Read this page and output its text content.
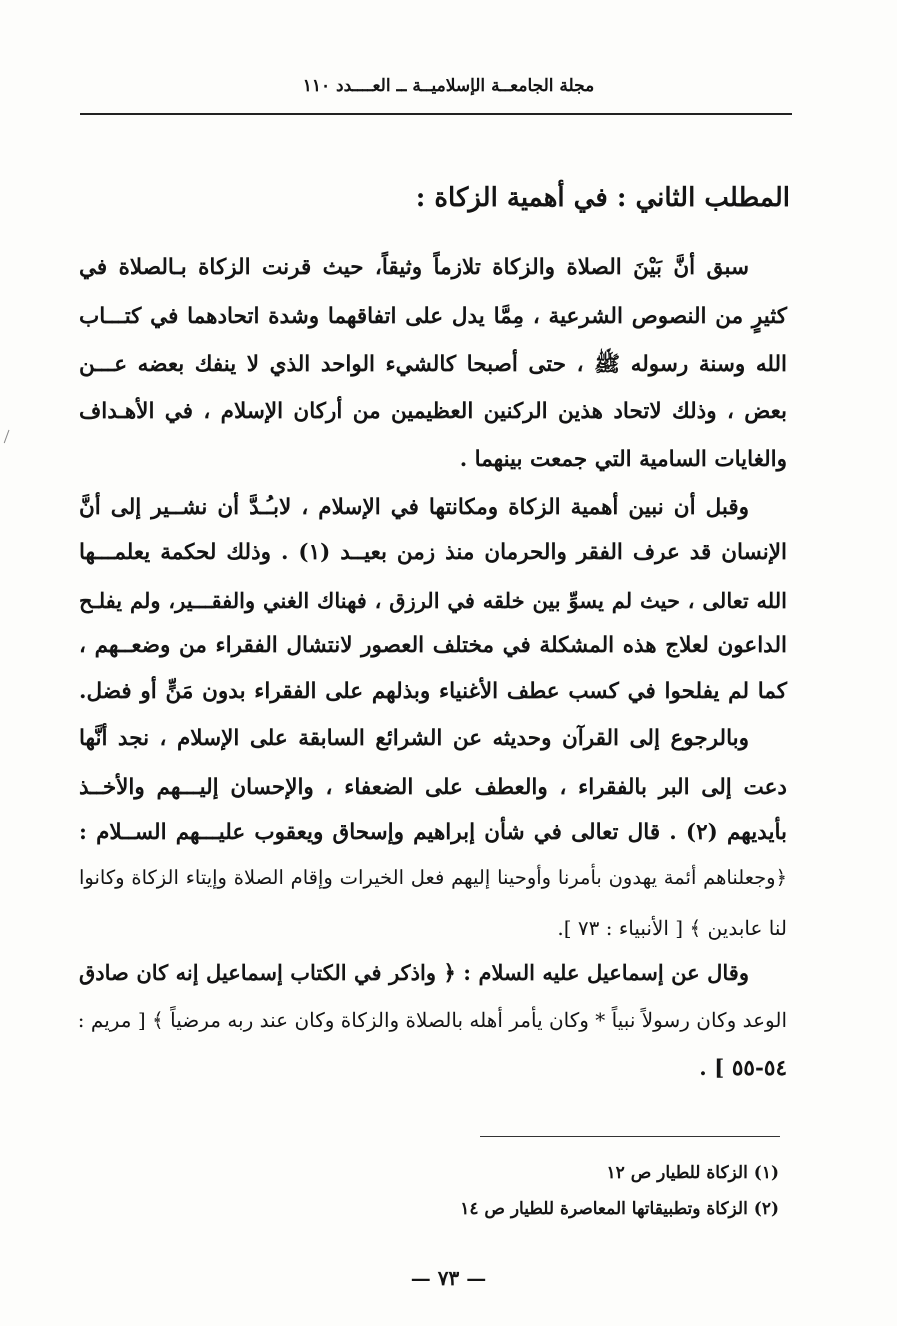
مجلة الجامعــة الإسلاميــة ــ العــــدد ١١٠
المطلب الثاني : في أهمية الزكاة :
سبق أنَّ بَيْنَ الصلاة والزكاة تلازماً وثيقاً، حيث قرنت الزكاة بـالصلاة في
كثيرٍ من النصوص الشرعية ، مِمَّا يدل على اتفاقهما وشدة اتحادهما في كتـــاب
الله وسنة رسوله ﷺ ، حتى أصبحا كالشيء الواحد الذي لا ينفك بعضه عـــن
بعض ، وذلك لاتحاد هذين الركنين العظيمين من أركان الإسلام ، في الأهـداف
والغايات السامية التي جمعت بينهما .
وقبل أن نبين أهمية الزكاة ومكانتها في الإسلام ، لابـُـدَّ أن نشــير إلى أنَّ
الإنسان قد عرف الفقر والحرمان منذ زمن بعيــد (١) . وذلك لحكمة يعلمـــها
الله تعالى ، حيث لم يسوِّ بين خلقه في الرزق ، فهناك الغني والفقـــير، ولم يفلـح
الداعون لعلاج هذه المشكلة في مختلف العصور لانتشال الفقراء من وضعــهم ،
كما لم يفلحوا في كسب عطف الأغنياء وبذلهم على الفقراء بدون مَنٍّ أو فضل.
وبالرجوع إلى القرآن وحديثه عن الشرائع السابقة على الإسلام ، نجد أنَّها
دعت إلى البر بالفقراء ، والعطف على الضعفاء ، والإحسان إليـــهم والأخــذ
بأيديهم (٢) . قال تعالى في شأن إبراهيم وإسحاق ويعقوب عليـــهم الســلام :
﴿وجعلناهم أئمة يهدون بأمرنا وأوحينا إليهم فعل الخيرات وإقام الصلاة وإيتاء الزكاة وكانوا
لنا عابدين ﴾ [ الأنبياء : ٧٣ ].
وقال عن إسماعيل عليه السلام : ﴿ واذكر في الكتاب إسماعيل إنه كان صادق
الوعد وكان رسولاً نبياً * وكان يأمر أهله بالصلاة والزكاة وكان عند ربه مرضياً ﴾ [ مريم :
٥٤-٥٥ ] .
(١) الزكاة للطيار ص ١٢
(٢) الزكاة وتطبيقاتها المعاصرة للطيار ص ١٤
— ٧٣ —
